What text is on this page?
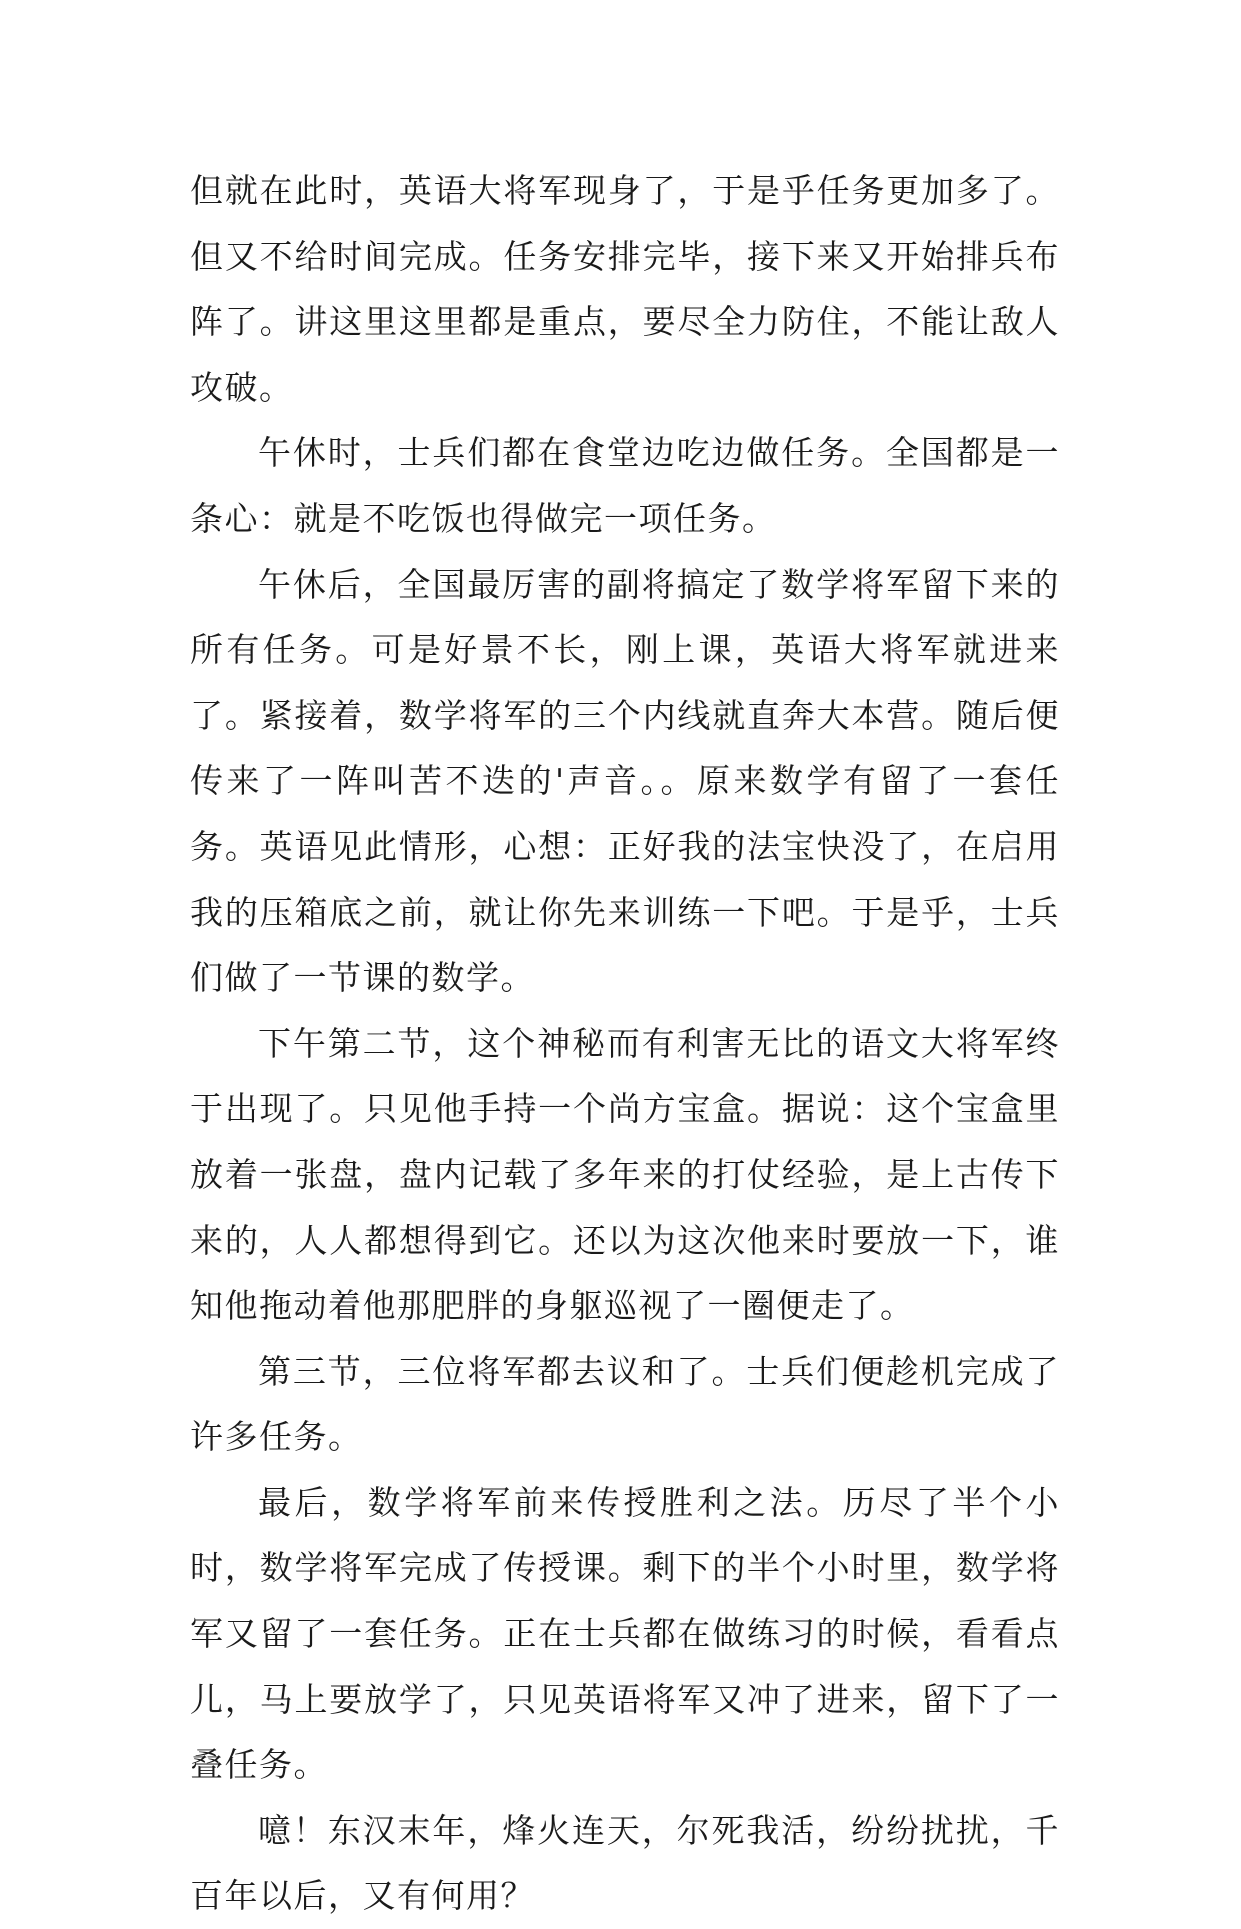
但就在此时，英语大将军现身了，于是乎任务更加多了。但又不给时间完成。任务安排完毕，接下来又开始排兵布阵了。讲这里这里都是重点，要尽全力防住，不能让敌人攻破。

午休时，士兵们都在食堂边吃边做任务。全国都是一条心：就是不吃饭也得做完一项任务。

午休后，全国最厉害的副将搞定了数学将军留下来的所有任务。可是好景不长，刚上课，英语大将军就进来了。紧接着，数学将军的三个内线就直奔大本营。随后便传来了一阵叫苦不迭的'声音。。原来数学有留了一套任务。英语见此情形，心想：正好我的法宝快没了，在启用我的压箱底之前，就让你先来训练一下吧。于是乎，士兵们做了一节课的数学。

下午第二节，这个神秘而有利害无比的语文大将军终于出现了。只见他手持一个尚方宝盒。据说：这个宝盒里放着一张盘，盘内记载了多年来的打仗经验，是上古传下来的，人人都想得到它。还以为这次他来时要放一下，谁知他拖动着他那肥胖的身躯巡视了一圈便走了。

第三节，三位将军都去议和了。士兵们便趁机完成了许多任务。

最后，数学将军前来传授胜利之法。历尽了半个小时，数学将军完成了传授课。剩下的半个小时里，数学将军又留了一套任务。正在士兵都在做练习的时候，看看点儿，马上要放学了，只见英语将军又冲了进来，留下了一叠任务。

噫！东汉末年，烽火连天，尔死我活，纷纷扰扰，千百年以后，又有何用？
